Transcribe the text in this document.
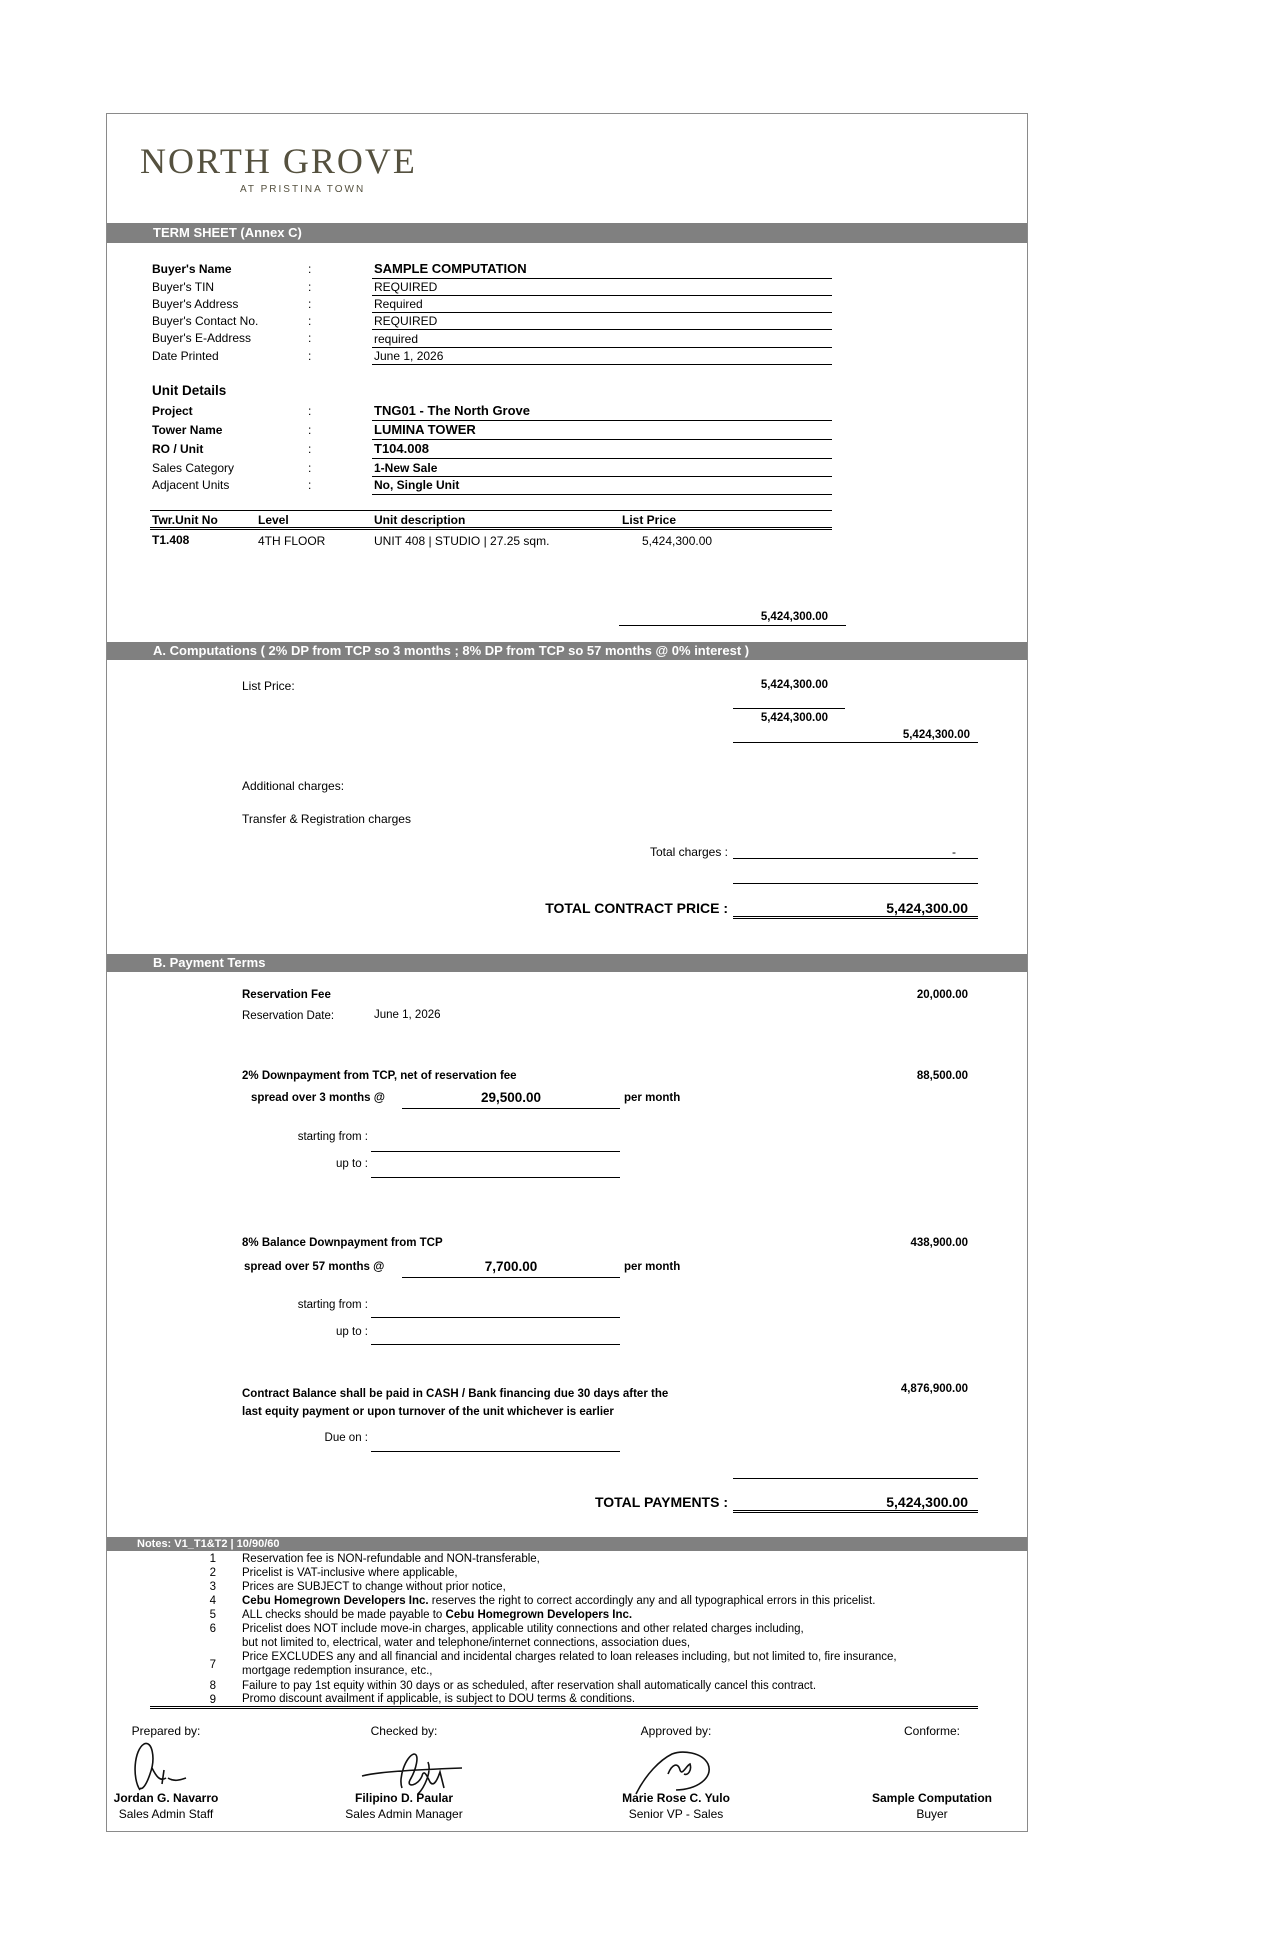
NORTH GROVE
AT PRISTINA TOWN
TERM SHEET (Annex C)
Buyer's Name	:	SAMPLE COMPUTATION
Buyer's TIN	:	REQUIRED
Buyer's Address	:	Required
Buyer's Contact No.	:	REQUIRED
Buyer's E-Address	:	required
Date Printed	:	June 1, 2026
Unit Details
Project	:	TNG01 - The North Grove
Tower Name	:	LUMINA TOWER
RO / Unit	:	T104.008
Sales Category	:	1-New Sale
Adjacent Units	:	No, Single Unit
Twr.Unit No	Level	Unit description	List Price
T1.408	4TH FLOOR	UNIT 408 | STUDIO | 27.25 sqm.	5,424,300.00
5,424,300.00
A. Computations ( 2% DP from TCP so 3 months ; 8% DP from TCP so 57 months @ 0% interest )
List Price:	5,424,300.00
5,424,300.00
5,424,300.00
Additional charges:
Transfer & Registration charges
Total charges :	-
TOTAL CONTRACT PRICE :	5,424,300.00
B. Payment Terms
Reservation Fee	20,000.00
Reservation Date:	June 1, 2026
2% Downpayment from TCP, net of reservation fee	88,500.00
spread over 3 months @	29,500.00	per month
starting from :
up to :
8% Balance Downpayment from TCP	438,900.00
spread over 57 months @	7,700.00	per month
starting from :
up to :
Contract Balance shall be paid in CASH / Bank financing due 30 days after the
last equity payment or upon turnover of the unit whichever is earlier
4,876,900.00
Due on :
TOTAL PAYMENTS :	5,424,300.00
Notes: V1_T1&T2 | 10/90/60
1 Reservation fee is NON-refundable and NON-transferable,
2 Pricelist is VAT-inclusive where applicable,
3 Prices are SUBJECT to change without prior notice,
4 Cebu Homegrown Developers Inc. reserves the right to correct accordingly any and all typographical errors in this pricelist.
5 ALL checks should be made payable to Cebu Homegrown Developers Inc.
6 Pricelist does NOT include move-in charges, applicable utility connections and other related charges including,
but not limited to, electrical, water and telephone/internet connections, association dues,
7
Price EXCLUDES any and all financial and incidental charges related to loan releases including, but not limited to, fire insurance,
mortgage redemption insurance, etc.,
8 Failure to pay 1st equity within 30 days or as scheduled, after reservation shall automatically cancel this contract.
9 Promo discount availment if applicable, is subject to DOU terms & conditions.
Prepared by:	Checked by:	Approved by:	Conforme:
Jordan G. Navarro
Sales Admin Staff
Filipino D. Paular
Sales Admin Manager
Marie Rose C. Yulo
Senior VP - Sales
Sample Computation
Buyer
